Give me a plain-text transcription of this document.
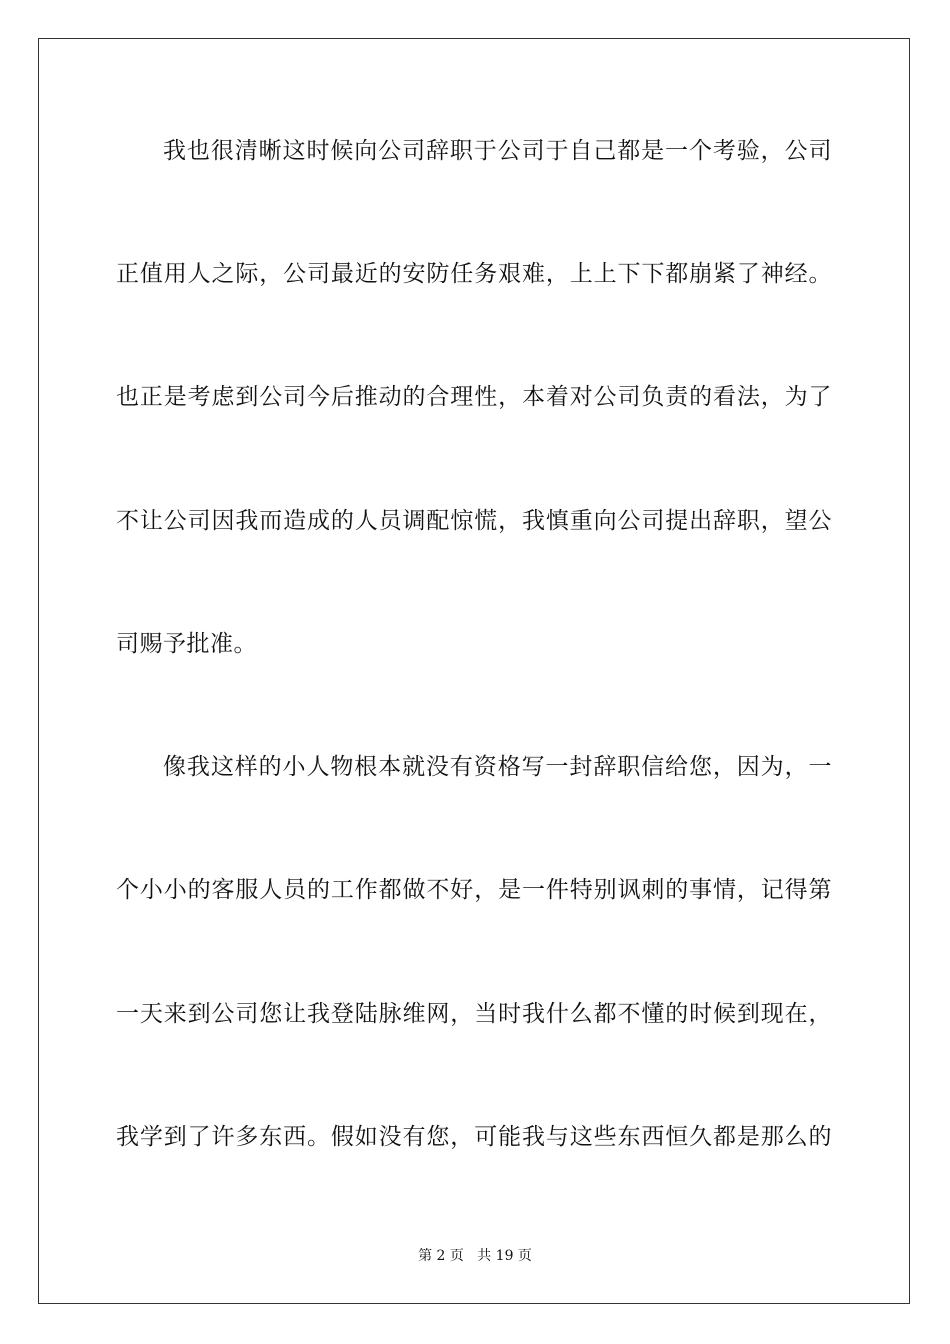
我也很清晰这时候向公司辞职于公司于自己都是一个考验，公司
正值用人之际，公司最近的安防任务艰难，上上下下都崩紧了神经。
也正是考虑到公司今后推动的合理性，本着对公司负责的看法，为了
不让公司因我而造成的人员调配惊慌，我慎重向公司提出辞职，望公
司赐予批准。
像我这样的小人物根本就没有资格写一封辞职信给您，因为，一
个小小的客服人员的工作都做不好，是一件特别讽刺的事情，记得第
一天来到公司您让我登陆脉维网，当时我什么都不懂的时候到现在，
我学到了许多东西。假如没有您，可能我与这些东西恒久都是那么的
第 2 页   共 19 页
